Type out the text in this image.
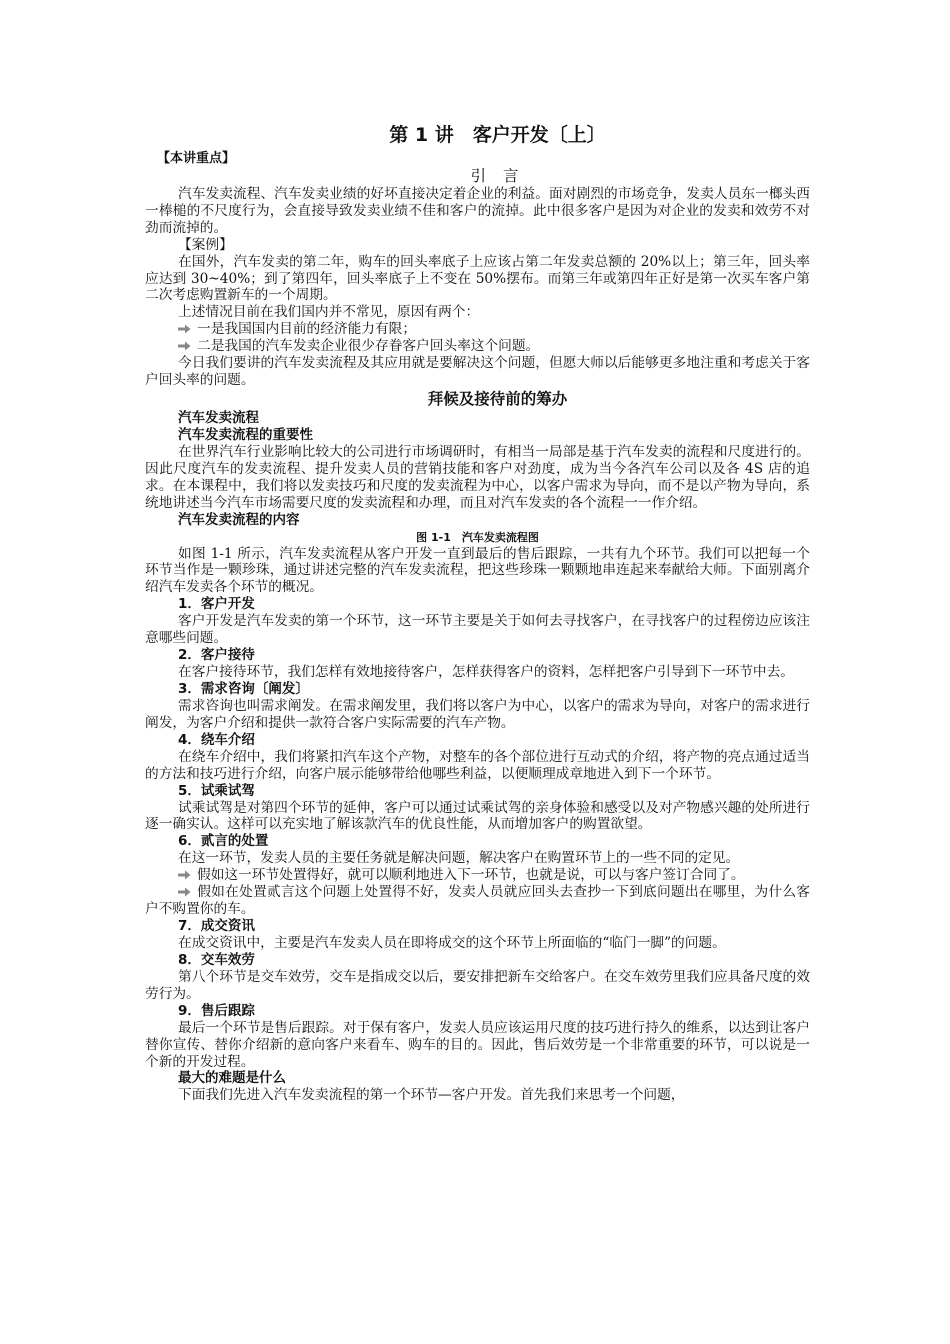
第 1 讲　客户开发〔上〕
【本讲重点】
引 言

汽车发卖流程、汽车发卖业绩的好坏直接决定着企业的利益。面对剧烈的市场竞争，发卖人员东一榔头西一棒槌的不尺度行为，会直接导致发卖业绩不佳和客户的流掉。此中很多客户是因为对企业的发卖和效劳不对劲而流掉的。

【案例】

在国外，汽车发卖的第二年，购车的回头率底子上应该占第二年发卖总额的 20%以上；第三年，回头率应达到 30~40%；到了第四年，回头率底子上不变在 50%摆布。而第三年或第四年正好是第一次买车客户第二次考虑购置新车的一个周期。

上述情况目前在我们国内并不常见，原因有两个：

一是我国国内目前的经济能力有限；

二是我国的汽车发卖企业很少存眷客户回头率这个问题。

今日我们要讲的汽车发卖流程及其应用就是要解决这个问题，但愿大师以后能够更多地注重和考虑关于客户回头率的问题。

拜候及接待前的筹办
汽车发卖流程
汽车发卖流程的重要性

在世界汽车行业影响比较大的公司进行市场调研时，有相当一局部是基于汽车发卖的流程和尺度进行的。因此尺度汽车的发卖流程、提升发卖人员的营销技能和客户对劲度，成为当今各汽车公司以及各 4S 店的追求。在本课程中，我们将以发卖技巧和尺度的发卖流程为中心，以客户需求为导向，而不是以产物为导向，系统地讲述当今汽车市场需要尺度的发卖流程和办理，而且对汽车发卖的各个流程一一作介绍。

汽车发卖流程的内容
图 1-1　汽车发卖流程图

如图 1-1 所示，汽车发卖流程从客户开发一直到最后的售后跟踪，一共有九个环节。我们可以把每一个环节当作是一颗珍珠，通过讲述完整的汽车发卖流程，把这些珍珠一颗颗地串连起来奉献给大师。下面别离介绍汽车发卖各个环节的概况。

1．客户开发

客户开发是汽车发卖的第一个环节，这一环节主要是关于如何去寻找客户，在寻找客户的过程傍边应该注意哪些问题。

2．客户接待

在客户接待环节，我们怎样有效地接待客户，怎样获得客户的资料，怎样把客户引导到下一环节中去。

3．需求咨询〔阐发〕

需求咨询也叫需求阐发。在需求阐发里，我们将以客户为中心，以客户的需求为导向，对客户的需求进行阐发，为客户介绍和提供一款符合客户实际需要的汽车产物。

4．绕车介绍

在绕车介绍中，我们将紧扣汽车这个产物，对整车的各个部位进行互动式的介绍，将产物的亮点通过适当的方法和技巧进行介绍，向客户展示能够带给他哪些利益，以便顺理成章地进入到下一个环节。

5．试乘试驾

试乘试驾是对第四个环节的延伸，客户可以通过试乘试驾的亲身体验和感受以及对产物感兴趣的处所进行逐一确实认。这样可以充实地了解该款汽车的优良性能，从而增加客户的购置欲望。

6．贰言的处置

在这一环节，发卖人员的主要任务就是解决问题，解决客户在购置环节上的一些不同的定见。

假如这一环节处置得好，就可以顺利地进入下一环节，也就是说，可以与客户签订合同了。

假如在处置贰言这个问题上处置得不好，发卖人员就应回头去查抄一下到底问题出在哪里，为什么客户不购置你的车。

7．成交资讯

在成交资讯中，主要是汽车发卖人员在即将成交的这个环节上所面临的“临门一脚”的问题。

8．交车效劳

第八个环节是交车效劳，交车是指成交以后，要安排把新车交给客户。在交车效劳里我们应具备尺度的效劳行为。

9．售后跟踪

最后一个环节是售后跟踪。对于保有客户，发卖人员应该运用尺度的技巧进行持久的维系，以达到让客户替你宣传、替你介绍新的意向客户来看车、购车的目的。因此，售后效劳是一个非常重要的环节，可以说是一个新的开发过程。

最大的难题是什么

下面我们先进入汽车发卖流程的第一个环节—客户开发。首先我们来思考一个问题，
